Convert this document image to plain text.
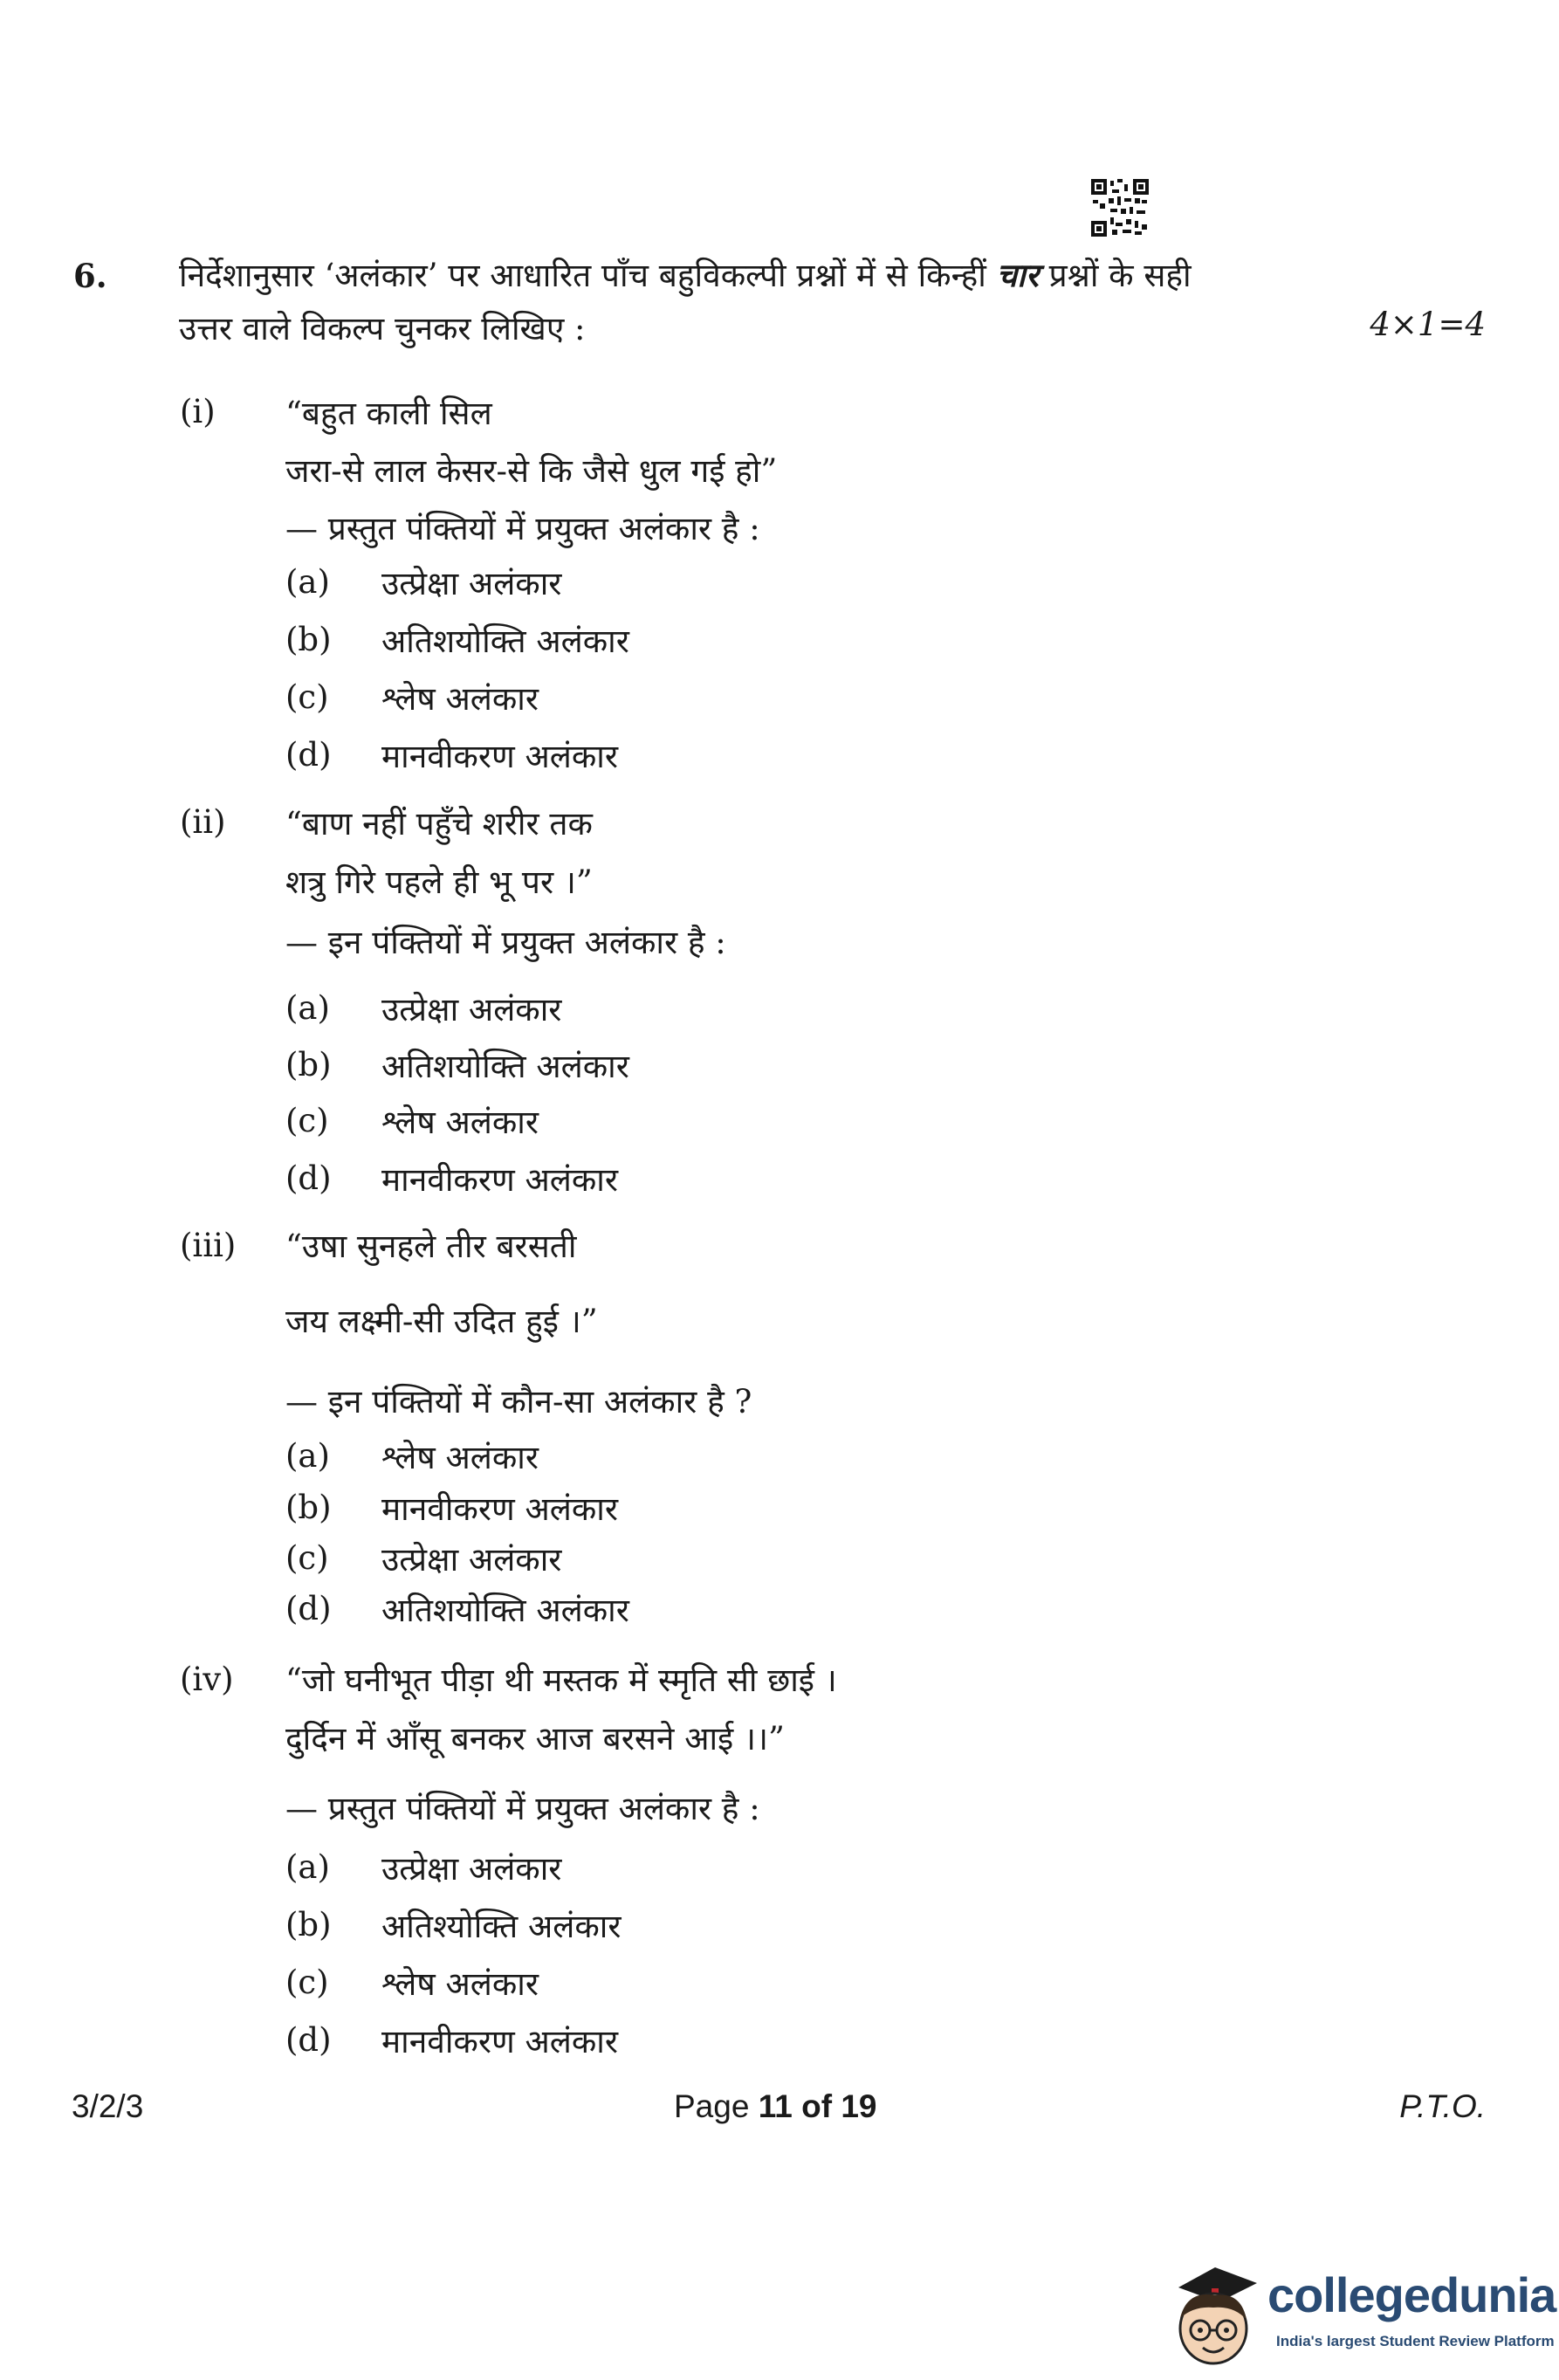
6. निर्देशानुसार ‘अलंकार’ पर आधारित पाँच बहुविकल्पी प्रश्नों में से किन्हीं चार प्रश्नों के सही
उत्तर वाले विकल्प चुनकर लिखिए :	4×1=4
(i) “बहुत काली सिल
जरा-से लाल केसर-से कि जैसे धुल गई हो”
— प्रस्तुत पंक्तियों में प्रयुक्त अलंकार है :
(a) उत्प्रेक्षा अलंकार
(b) अतिशयोक्ति अलंकार
(c) श्लेष अलंकार
(d) मानवीकरण अलंकार
(ii) “बाण नहीं पहुँचे शरीर तक
शत्रु गिरे पहले ही भू पर ।”
— इन पंक्तियों में प्रयुक्त अलंकार है :
(a) उत्प्रेक्षा अलंकार
(b) अतिशयोक्ति अलंकार
(c) श्लेष अलंकार
(d) मानवीकरण अलंकार
(iii) “उषा सुनहले तीर बरसती
जय लक्ष्मी-सी उदित हुई ।”
— इन पंक्तियों में कौन-सा अलंकार है ?
(a) श्लेष अलंकार
(b) मानवीकरण अलंकार
(c) उत्प्रेक्षा अलंकार
(d) अतिशयोक्ति अलंकार
(iv) “जो घनीभूत पीड़ा थी मस्तक में स्मृति सी छाई ।
दुर्दिन में आँसू बनकर आज बरसने आई ।।”
— प्रस्तुत पंक्तियों में प्रयुक्त अलंकार है :
(a) उत्प्रेक्षा अलंकार
(b) अतिश्योक्ति अलंकार
(c) श्लेष अलंकार
(d) मानवीकरण अलंकार
3/2/3	Page 11 of 19	P.T.O.
collegedunia
India's largest Student Review Platform
